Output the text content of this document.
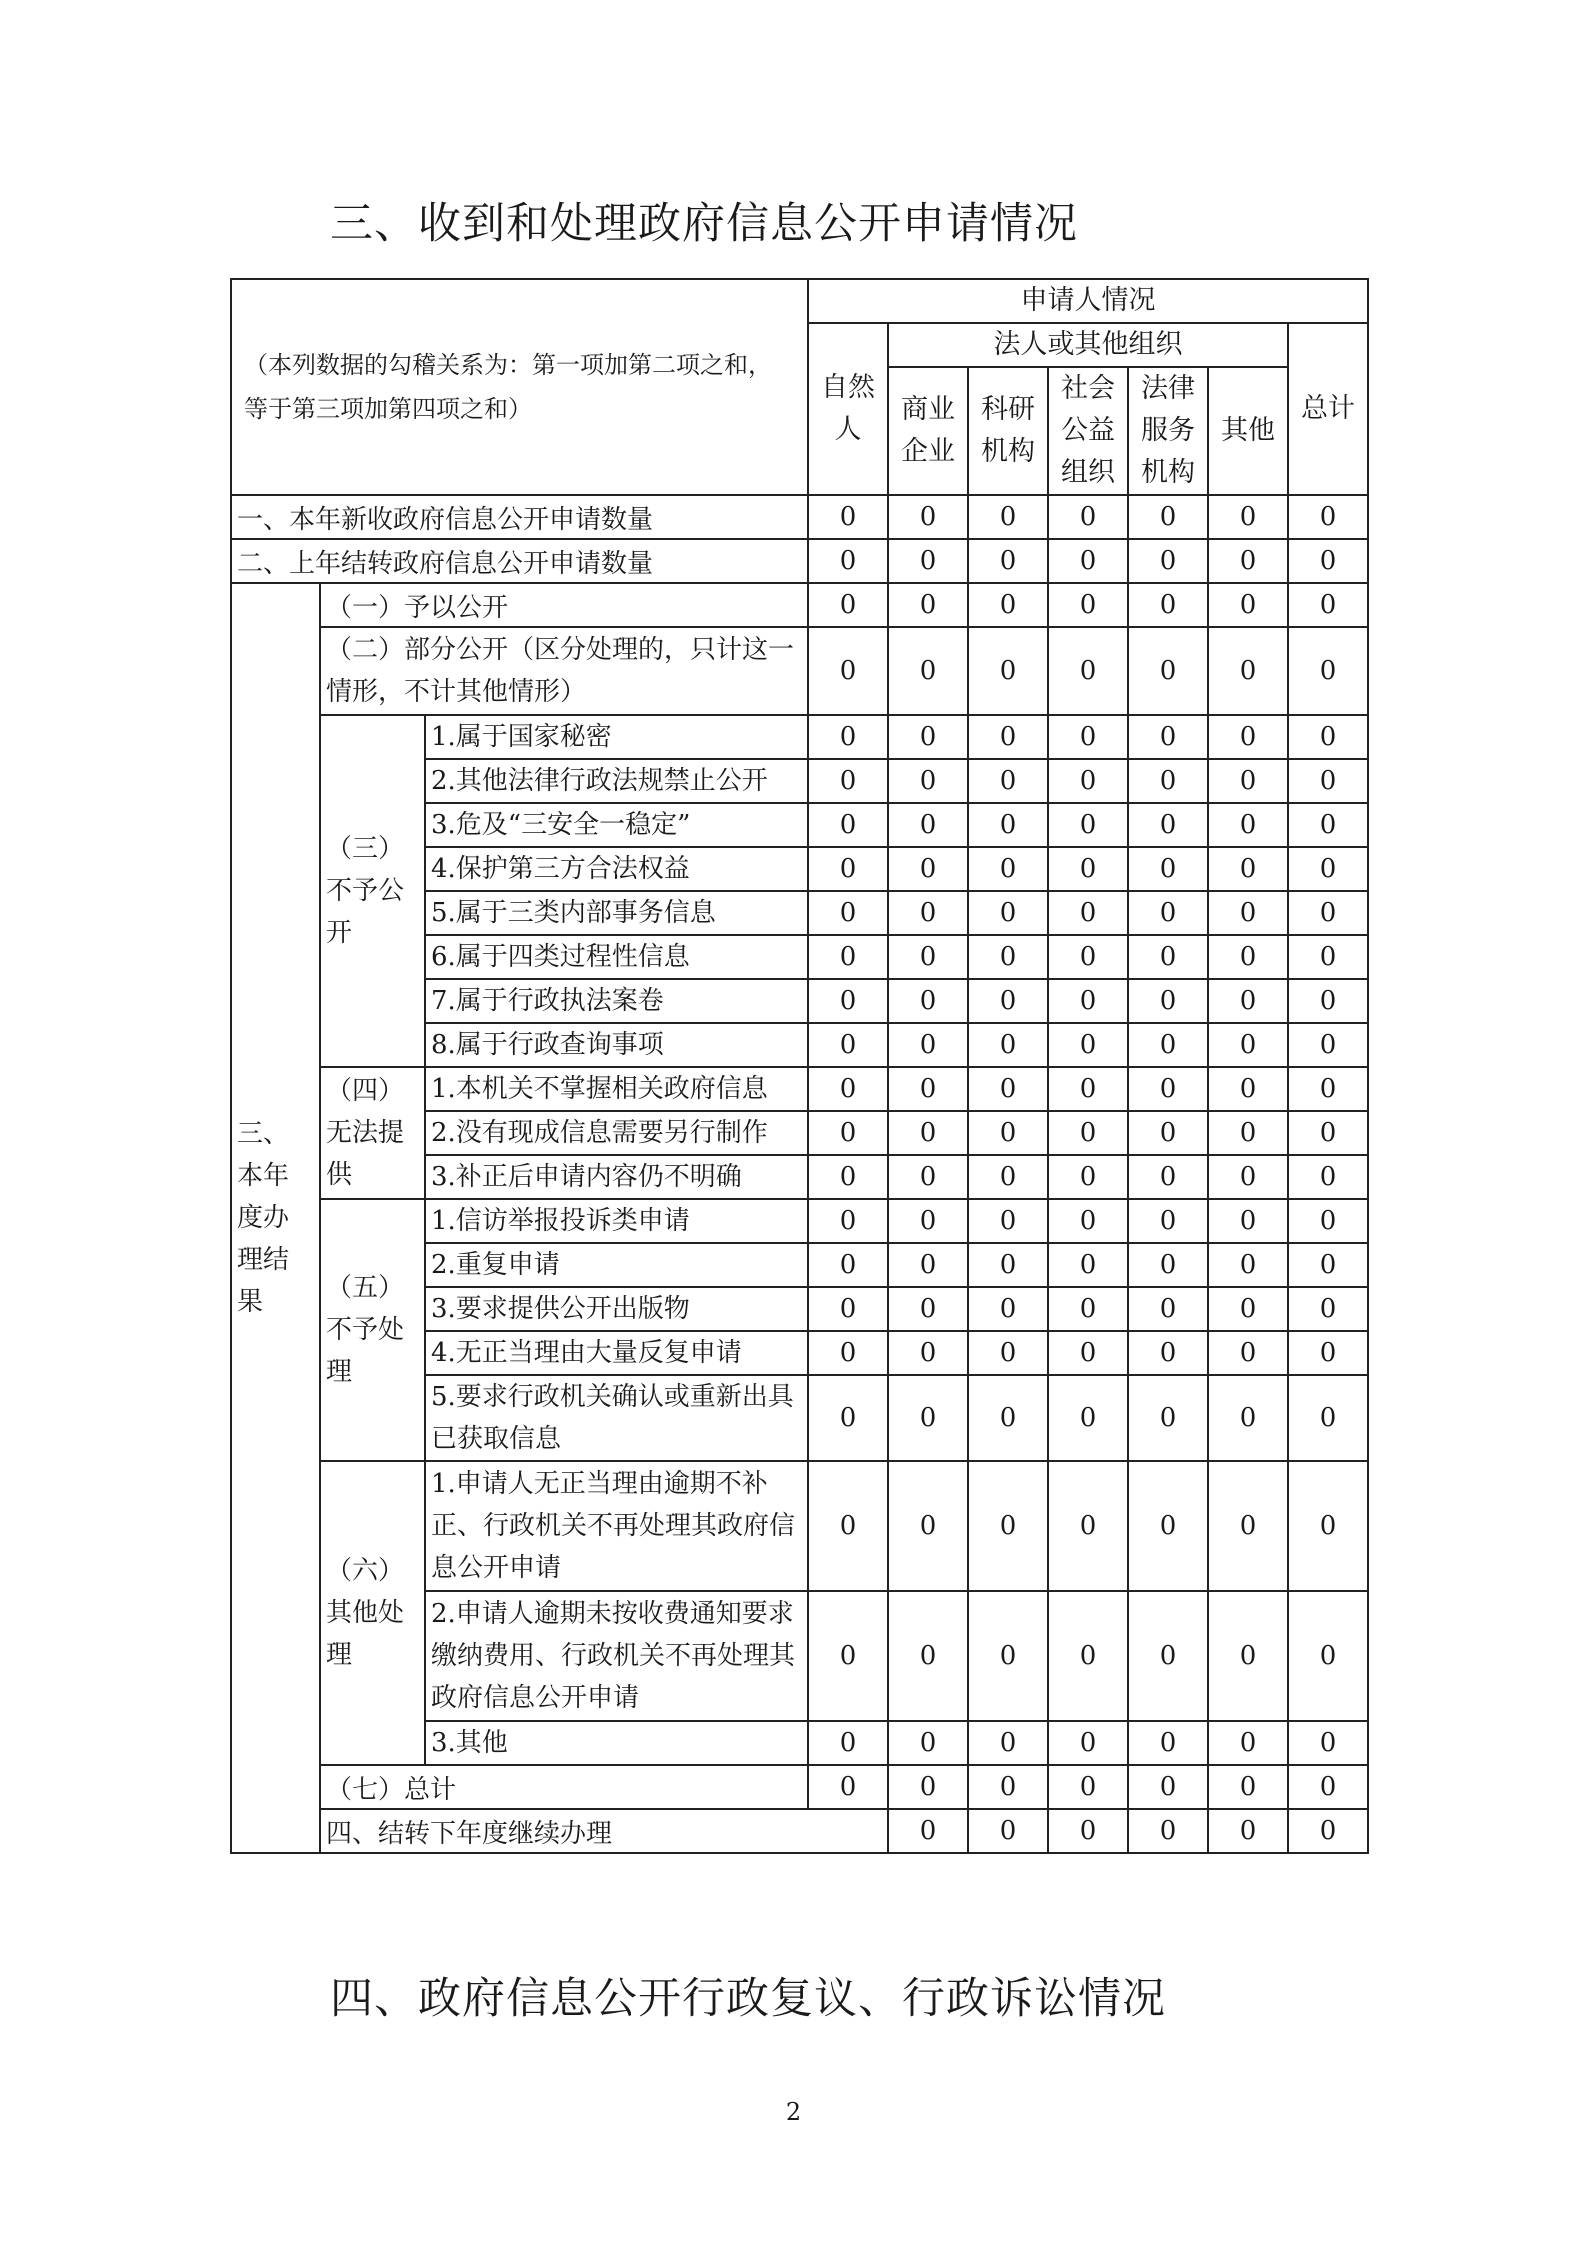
三、收到和处理政府信息公开申请情况
（本列数据的勾稽关系为：第一项加第二项之和，等于第三项加第四项之和）			申请人情况							
			自然人	法人或其他组织					总计	
				商业企业	科研机构	社会公益组织	法律服务机构	其他		
一、本年新收政府信息公开申请数量			0	0	0	0	0	0	0	
二、上年结转政府信息公开申请数量			0	0	0	0	0	0	0	
三、本年度办理结果	（一）予以公开		0	0	0	0	0	0	0	
	（二）部分公开（区分处理的，只计这一情形，不计其他情形）		0	0	0	0	0	0	0	
	（三）不予公开	1.属于国家秘密	0	0	0	0	0	0	0	
		2.其他法律行政法规禁止公开	0	0	0	0	0	0	0	
		3.危及“三安全一稳定”	0	0	0	0	0	0	0	
		4.保护第三方合法权益	0	0	0	0	0	0	0	
		5.属于三类内部事务信息	0	0	0	0	0	0	0	
		6.属于四类过程性信息	0	0	0	0	0	0	0	
		7.属于行政执法案卷	0	0	0	0	0	0	0	
		8.属于行政查询事项	0	0	0	0	0	0	0	
	（四）无法提供	1.本机关不掌握相关政府信息	0	0	0	0	0	0	0	
		2.没有现成信息需要另行制作	0	0	0	0	0	0	0	
		3.补正后申请内容仍不明确	0	0	0	0	0	0	0	
	（五）不予处理	1.信访举报投诉类申请	0	0	0	0	0	0	0	
		2.重复申请	0	0	0	0	0	0	0	
		3.要求提供公开出版物	0	0	0	0	0	0	0	
		4.无正当理由大量反复申请	0	0	0	0	0	0	0	
		5.要求行政机关确认或重新出具已获取信息	0	0	0	0	0	0	0	
	（六）其他处理	1.申请人无正当理由逾期不补正、行政机关不再处理其政府信息公开申请	0	0	0	0	0	0	0	
		2.申请人逾期未按收费通知要求缴纳费用、行政机关不再处理其政府信息公开申请	0	0	0	0	0	0	0	
		3.其他	0	0	0	0	0	0	0	
	（七）总计		0	0	0	0	0	0	0	
	四、结转下年度继续办理			0	0	0	0	0	0	
四、政府信息公开行政复议、行政诉讼情况
2
